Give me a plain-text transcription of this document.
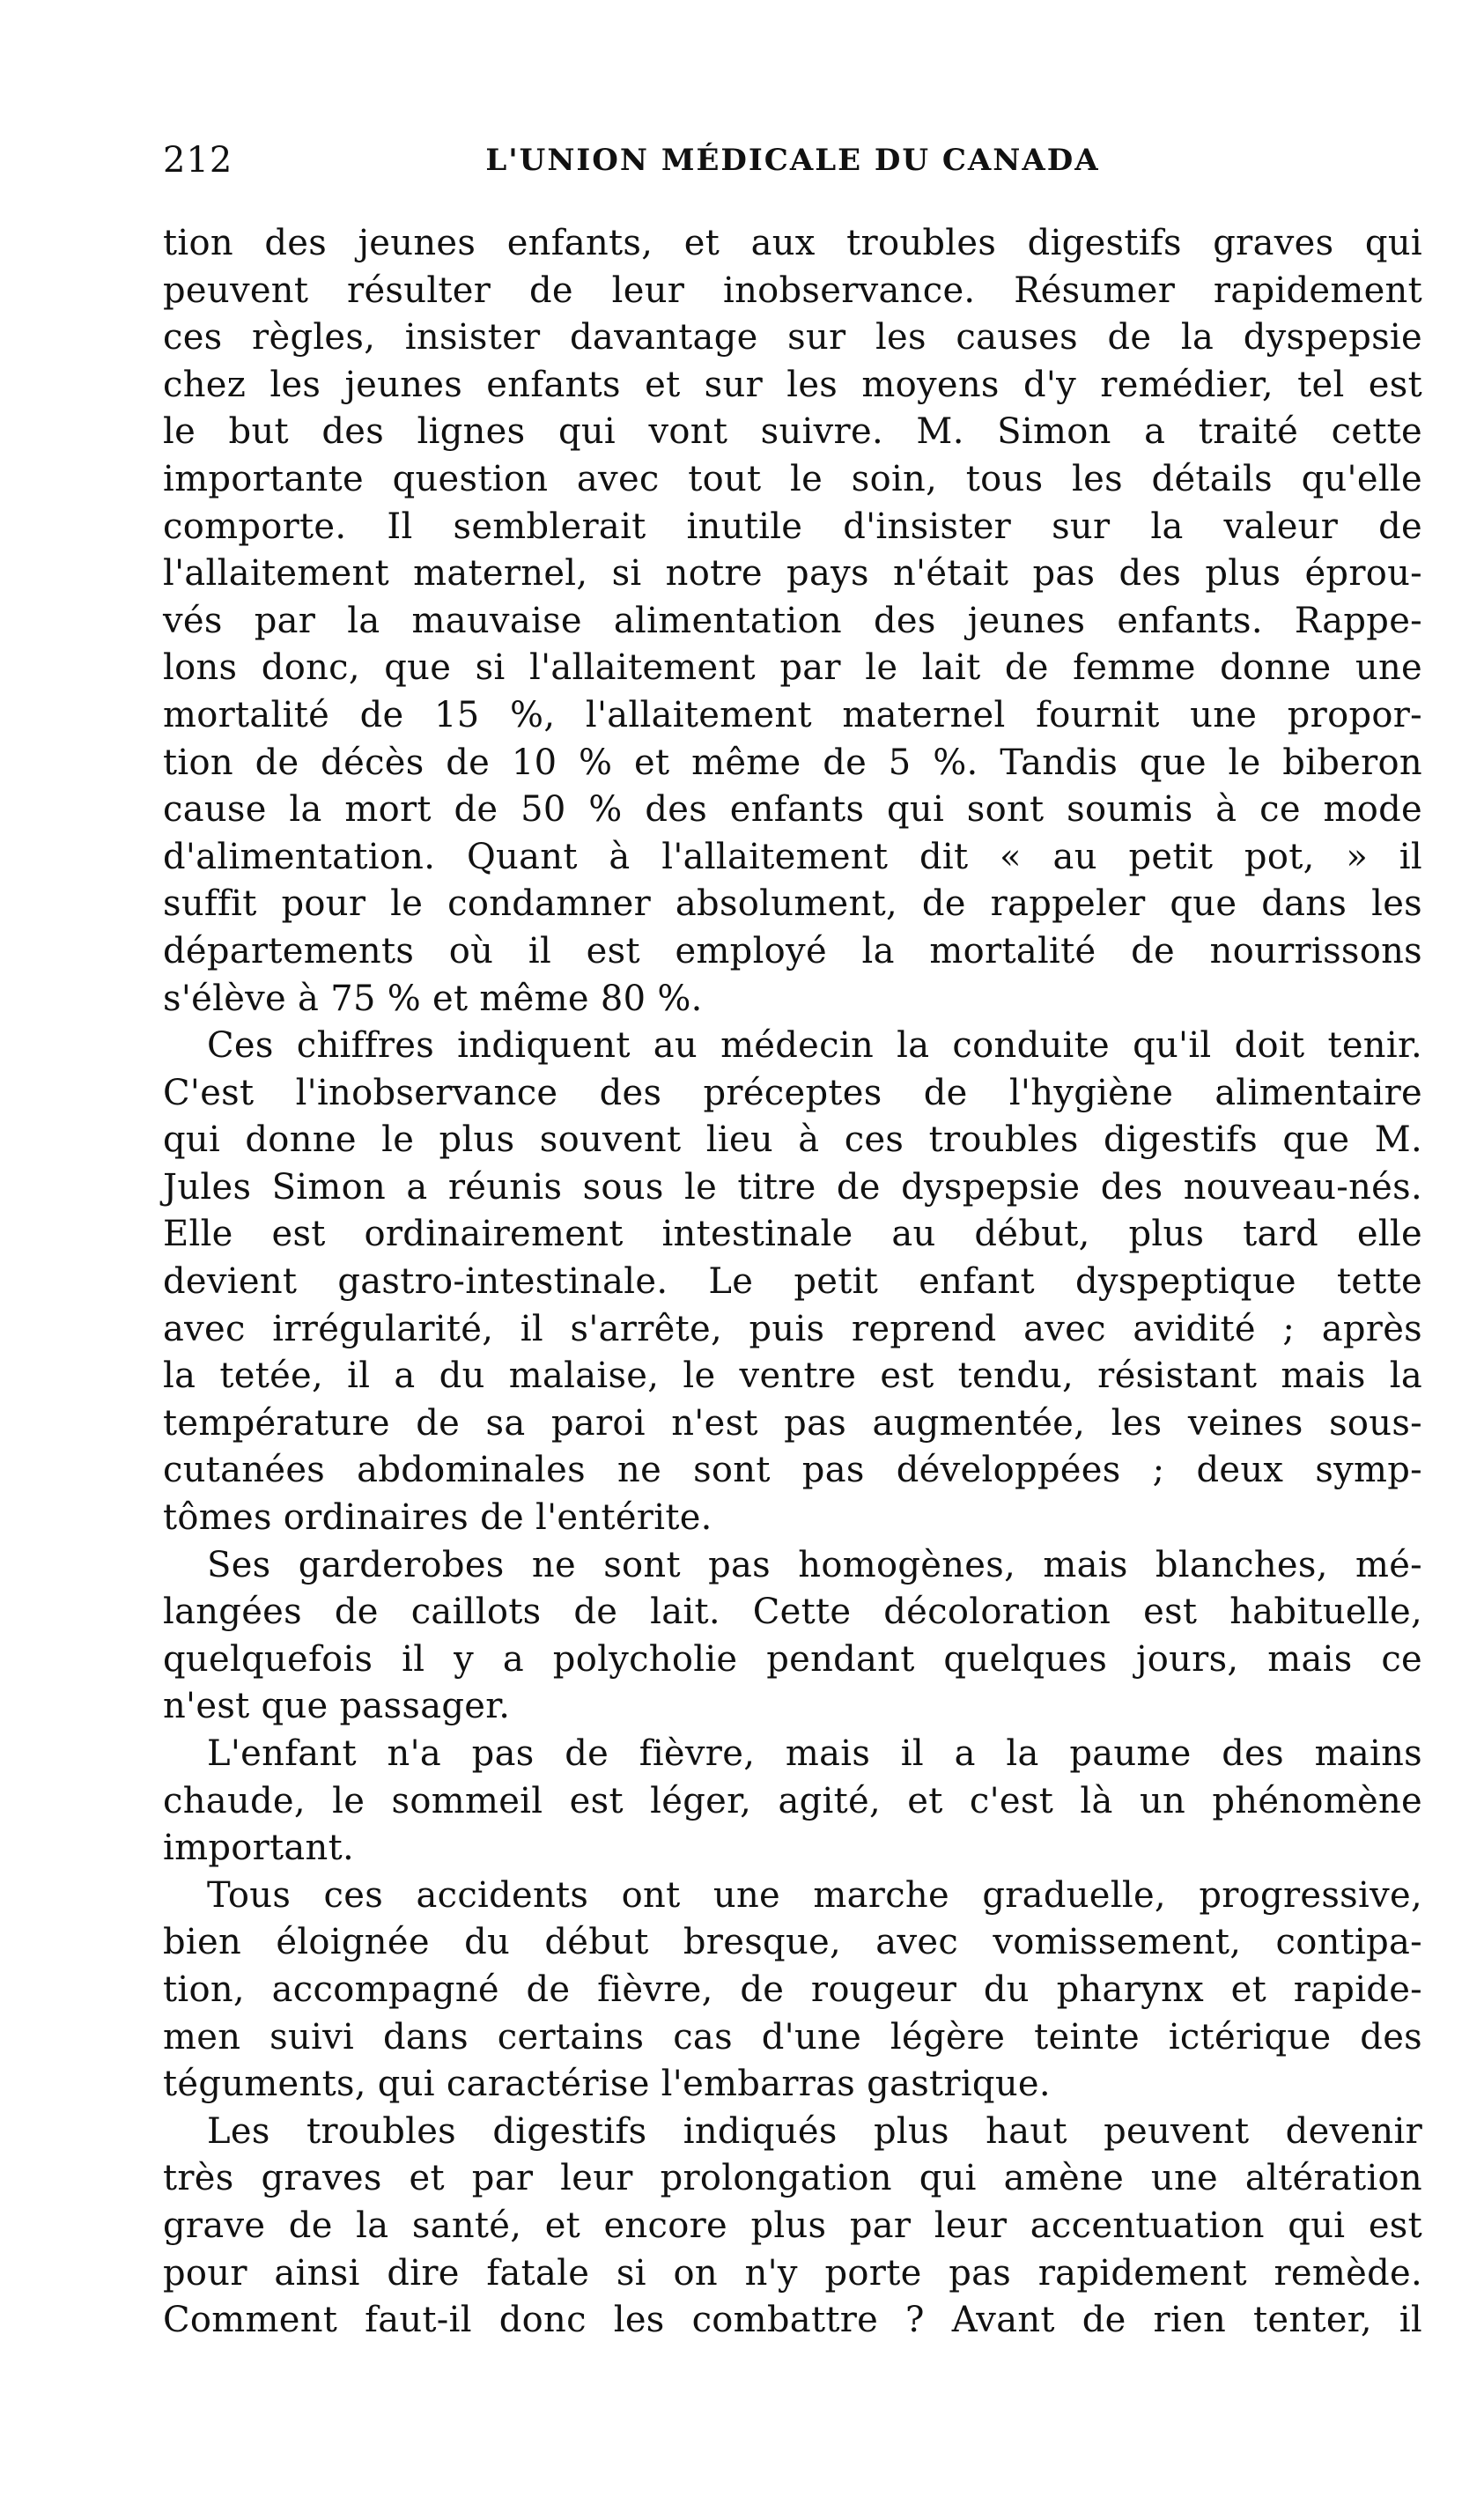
212	L'UNION MÉDICALE DU CANADA
tion des jeunes enfants, et aux troubles digestifs graves qui
peuvent résulter de leur inobservance. Résumer rapidement
ces règles, insister davantage sur les causes de la dyspepsie
chez les jeunes enfants et sur les moyens d'y remédier, tel est
le but des lignes qui vont suivre. M. Simon a traité cette
importante question avec tout le soin, tous les détails qu'elle
comporte. Il semblerait inutile d'insister sur la valeur de
l'allaitement maternel, si notre pays n'était pas des plus éprou-
vés par la mauvaise alimentation des jeunes enfants. Rappe-
lons donc, que si l'allaitement par le lait de femme donne une
mortalité de 15 %, l'allaitement maternel fournit une propor-
tion de décès de 10 % et même de 5 %. Tandis que le biberon
cause la mort de 50 % des enfants qui sont soumis à ce mode
d'alimentation. Quant à l'allaitement dit « au petit pot, » il
suffit pour le condamner absolument, de rappeler que dans les
départements où il est employé la mortalité de nourrissons
s'élève à 75 % et même 80 %.
Ces chiffres indiquent au médecin la conduite qu'il doit tenir.
C'est l'inobservance des préceptes de l'hygiène alimentaire
qui donne le plus souvent lieu à ces troubles digestifs que M.
Jules Simon a réunis sous le titre de dyspepsie des nouveau-nés.
Elle est ordinairement intestinale au début, plus tard elle
devient gastro-intestinale. Le petit enfant dyspeptique tette
avec irrégularité, il s'arrête, puis reprend avec avidité ; après
la tetée, il a du malaise, le ventre est tendu, résistant mais la
température de sa paroi n'est pas augmentée, les veines sous-
cutanées abdominales ne sont pas développées ; deux symp-
tômes ordinaires de l'entérite.
Ses garderobes ne sont pas homogènes, mais blanches, mé-
langées de caillots de lait. Cette décoloration est habituelle,
quelquefois il y a polycholie pendant quelques jours, mais ce
n'est que passager.
L'enfant n'a pas de fièvre, mais il a la paume des mains
chaude, le sommeil est léger, agité, et c'est là un phénomène
important.
Tous ces accidents ont une marche graduelle, progressive,
bien éloignée du début bresque, avec vomissement, contipa-
tion, accompagné de fièvre, de rougeur du pharynx et rapide-
men suivi dans certains cas d'une légère teinte ictérique des
téguments, qui caractérise l'embarras gastrique.
Les troubles digestifs indiqués plus haut peuvent devenir
très graves et par leur prolongation qui amène une altération
grave de la santé, et encore plus par leur accentuation qui est
pour ainsi dire fatale si on n'y porte pas rapidement remède.
Comment faut-il donc les combattre ? Avant de rien tenter, il
